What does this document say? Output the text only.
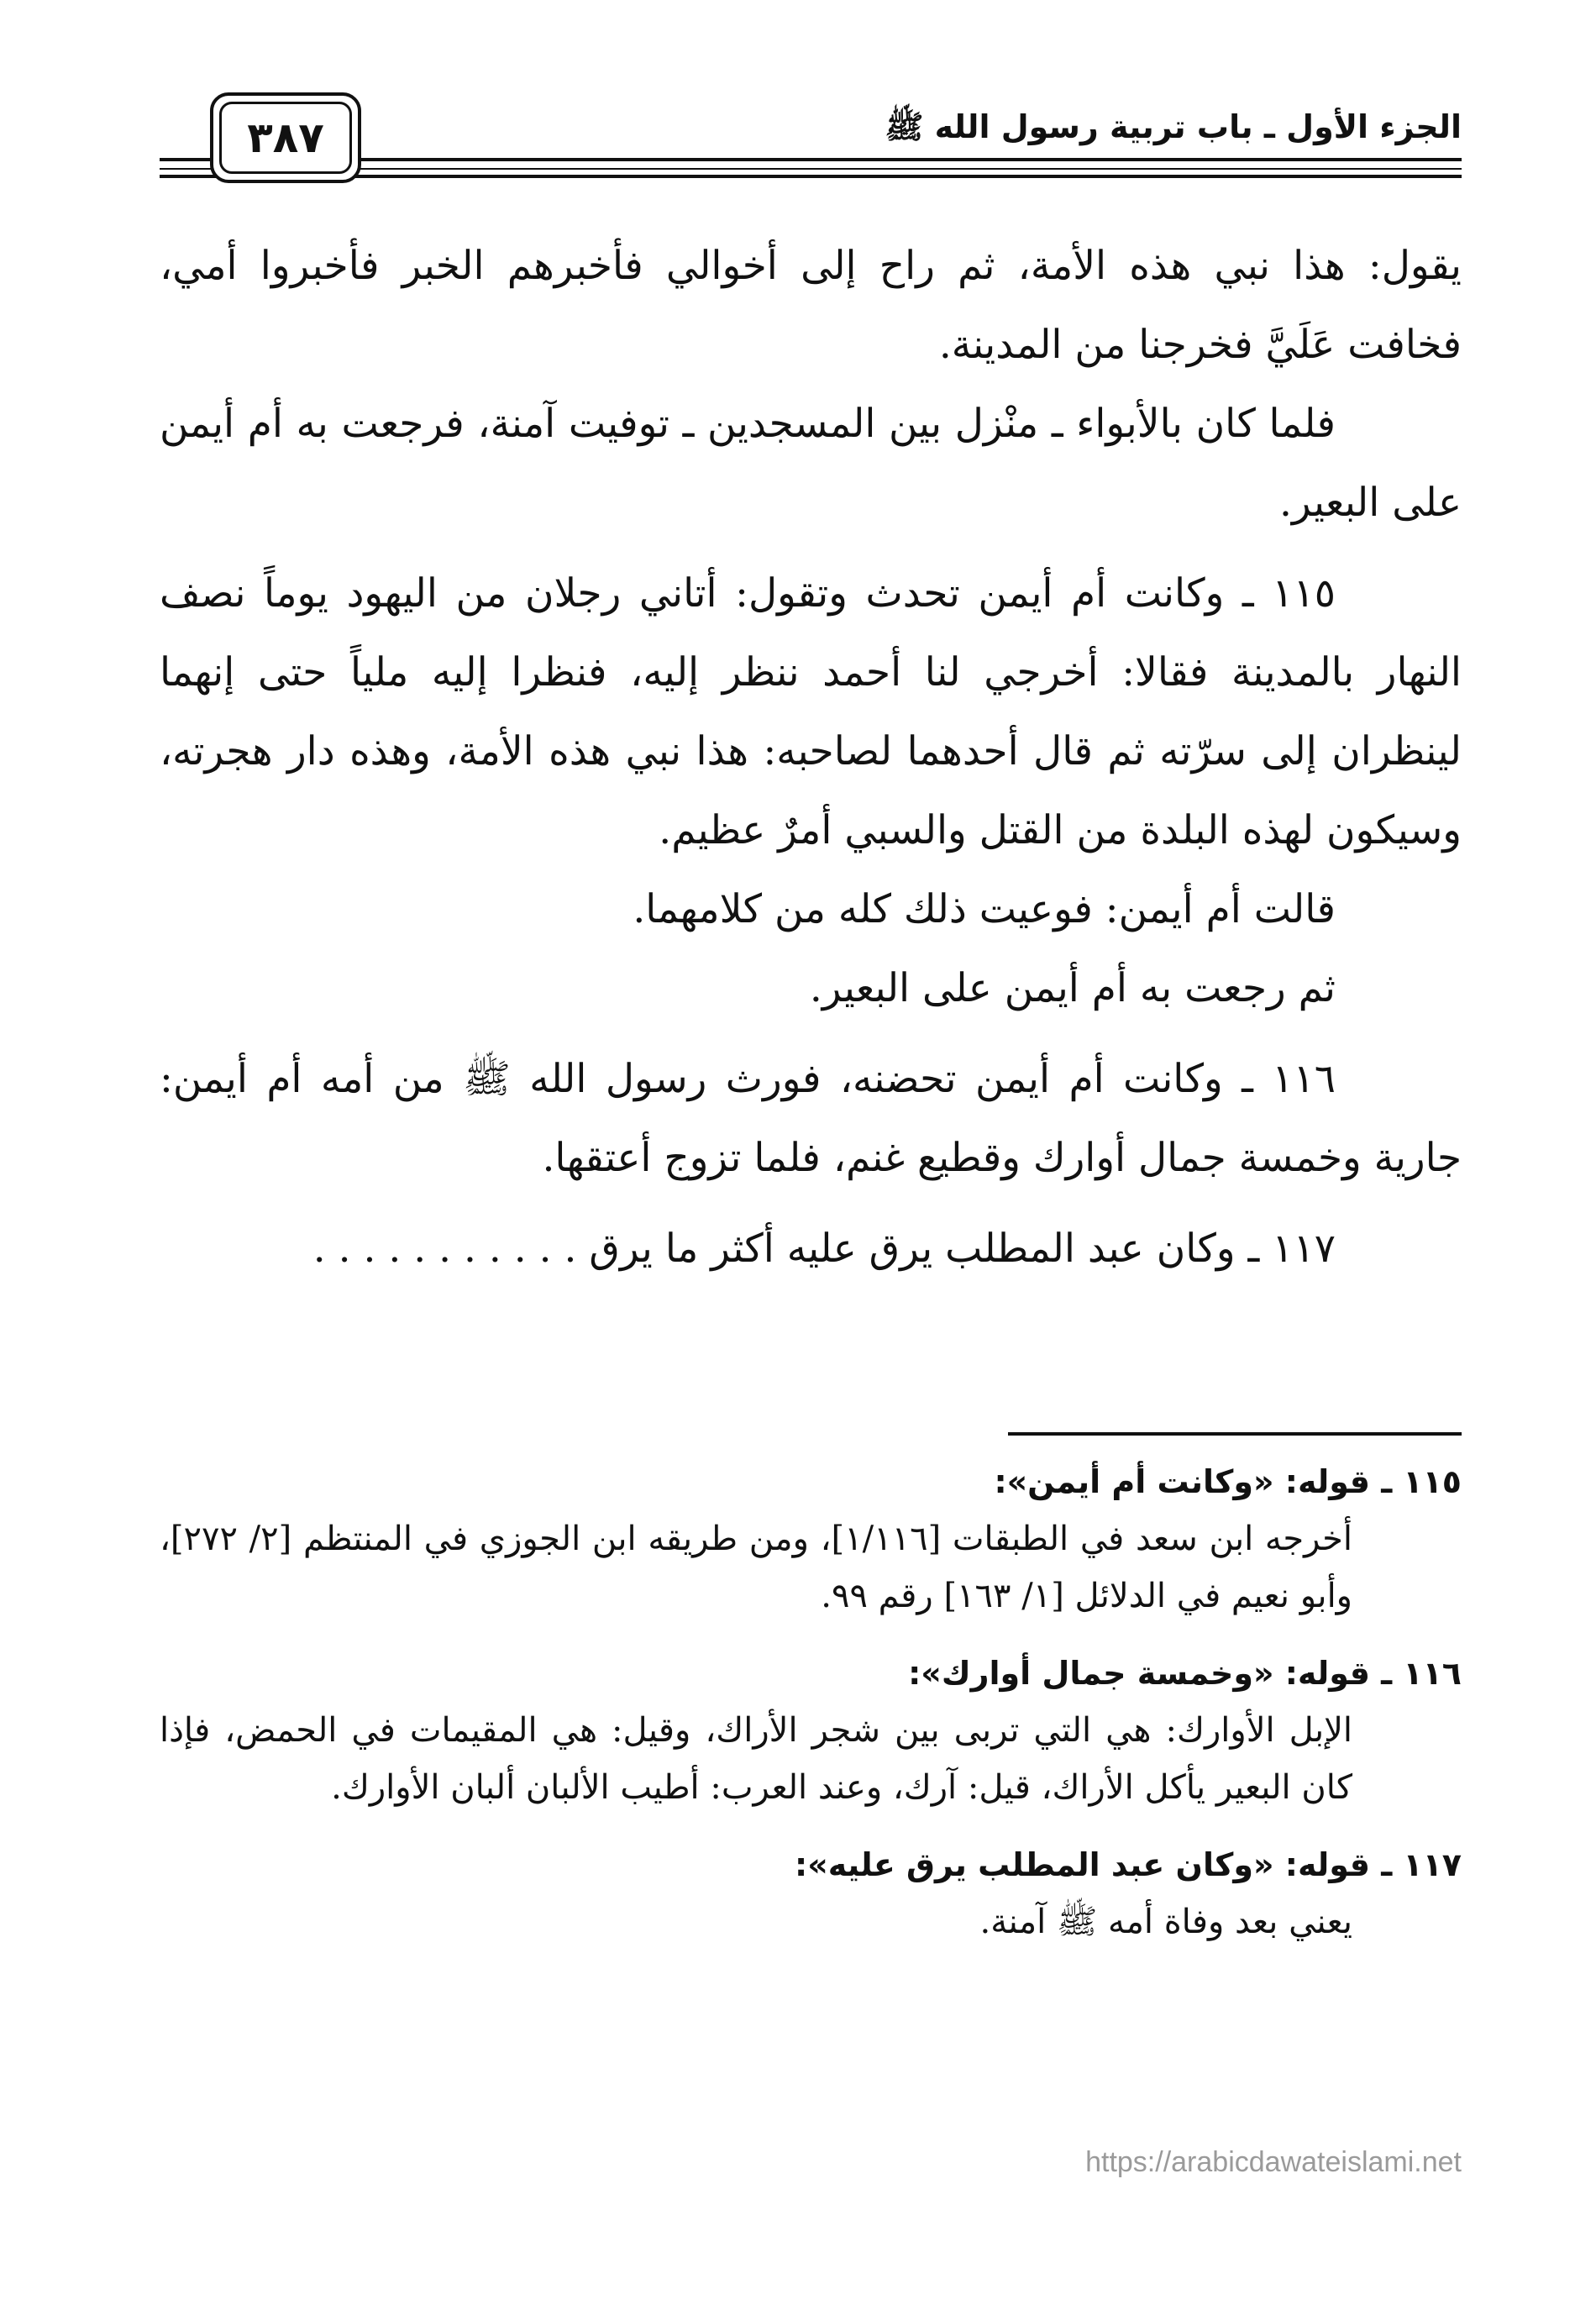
٣٨٧	الجزء الأول ـ باب تربية رسول الله ﷺ

يقول: هذا نبي هذه الأمة، ثم راح إلى أخوالي فأخبرهم الخبر فأخبروا أمي، فخافت عَلَيَّ فخرجنا من المدينة.

فلما كان بالأبواء ـ منْزل بين المسجدين ـ توفيت آمنة، فرجعت به أم أيمن على البعير.

١١٥ ـ وكانت أم أيمن تحدث وتقول: أتاني رجلان من اليهود يوماً نصف النهار بالمدينة فقالا: أخرجي لنا أحمد ننظر إليه، فنظرا إليه ملياً حتى إنهما لينظران إلى سرّته ثم قال أحدهما لصاحبه: هذا نبي هذه الأمة، وهذه دار هجرته، وسيكون لهذه البلدة من القتل والسبي أمرٌ عظيم.

قالت أم أيمن: فوعيت ذلك كله من كلامهما.

ثم رجعت به أم أيمن على البعير.

١١٦ ـ وكانت أم أيمن تحضنه، فورث رسول الله ﷺ من أمه أم أيمن: جارية وخمسة جمال أوارك وقطيع غنم، فلما تزوج أعتقها.

١١٧ ـ وكان عبد المطلب يرق عليه أكثر ما يرق . . . . . . . . . . .

١١٥ ـ قوله: «وكانت أم أيمن»:
أخرجه ابن سعد في الطبقات [١/١١٦]، ومن طريقه ابن الجوزي في المنتظم [٢/ ٢٧٢]، وأبو نعيم في الدلائل [١/ ١٦٣] رقم ٩٩.
١١٦ ـ قوله: «وخمسة جمال أوارك»:
الإبل الأوارك: هي التي تربى بين شجر الأراك، وقيل: هي المقيمات في الحمض، فإذا كان البعير يأكل الأراك، قيل: آرك، وعند العرب: أطيب الألبان ألبان الأوارك.
١١٧ ـ قوله: «وكان عبد المطلب يرق عليه»:
يعني بعد وفاة أمه ﷺ آمنة.
https://arabicdawateislami.net
